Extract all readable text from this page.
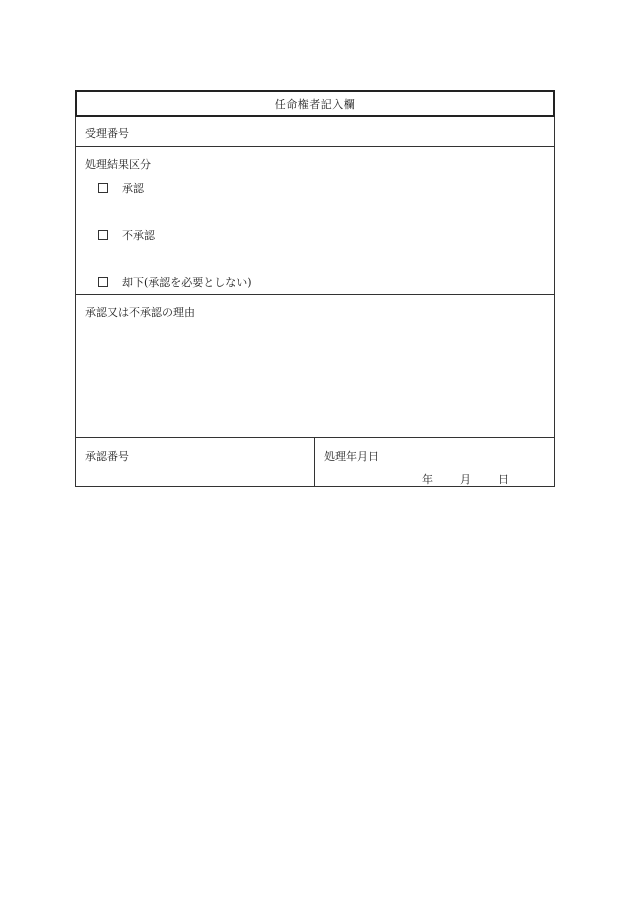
任命権者記入欄
受理番号
処理結果区分
承認
不承認
却下(承認を必要としない)
承認又は不承認の理由
承認番号	処理年月日
年 月 日
